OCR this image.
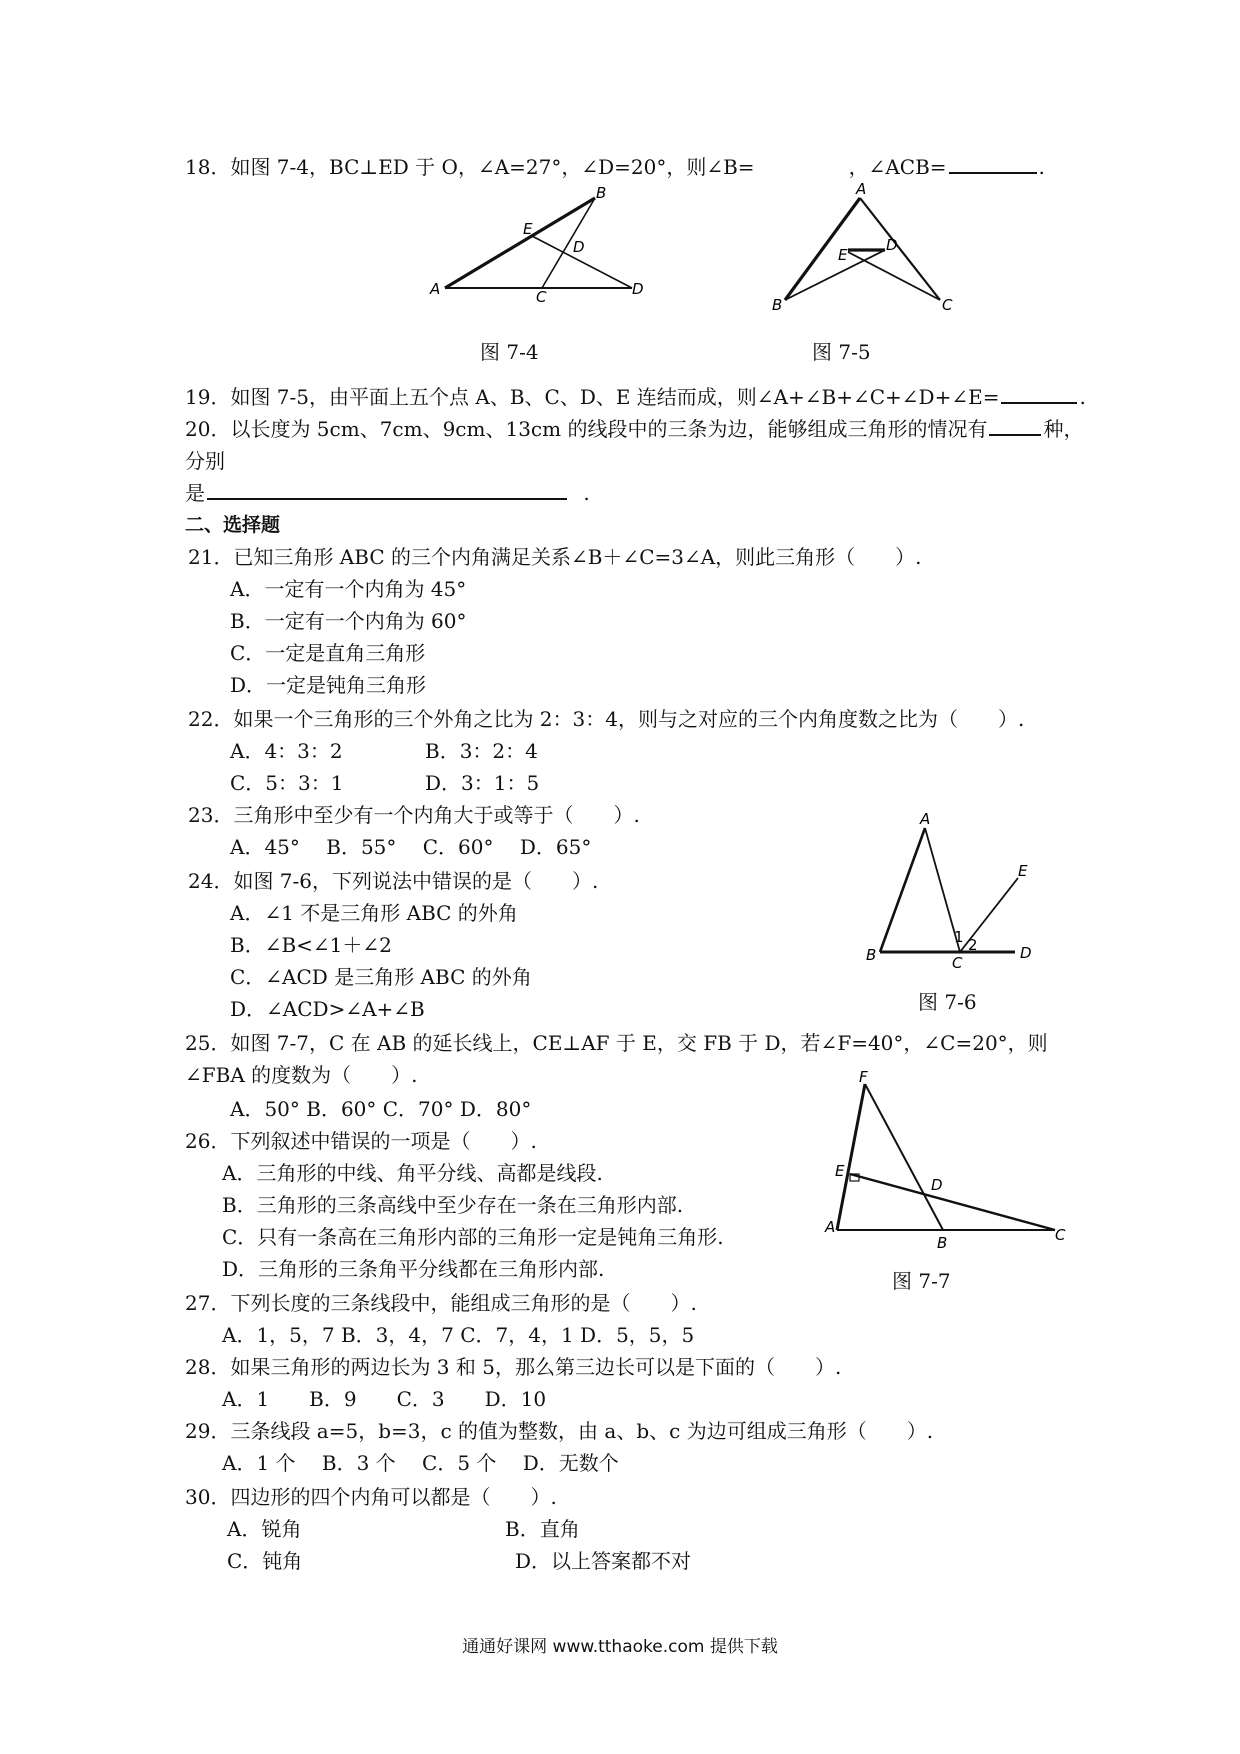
18．如图 7-4，BC⊥ED 于 O，∠A=27°，∠D=20°，则∠B=	，∠ACB=	.
A
B
C	D
E
D
图 7-4
A
B	C
D
E
图 7-5
19．如图 7-5，由平面上五个点 A、B、C、D、E 连结而成，则∠A+∠B+∠C+∠D+∠E=	.
20．以长度为 5cm、7cm、9cm、13cm 的线段中的三条为边，能够组成三角形的情况有	种，
分别
是	.
二、选择题
21．已知三角形 ABC 的三个内角满足关系∠B＋∠C=3∠A，则此三角形（　　）.
A．一定有一个内角为 45°
B．一定有一个内角为 60°
C．一定是直角三角形
D．一定是钝角三角形
22．如果一个三角形的三个外角之比为 2：3：4，则与之对应的三个内角度数之比为（　　）.
A．4：3：2	B．3：2：4
C．5：3：1	D．3：1：5
23．三角形中至少有一个内角大于或等于（　　）.
A．45°　 B．55°　 C．60°　 D．65°
A
B	C
D
E
1 2
图 7-6
24．如图 7-6，下列说法中错误的是（　　）.
A．∠1 不是三角形 ABC 的外角
B．∠B<∠1＋∠2
C．∠ACD 是三角形 ABC 的外角
D．∠ACD>∠A+∠B
25．如图 7-7，C 在 AB 的延长线上，CE⊥AF 于 E，交 FB 于 D，若∠F=40°，∠C=20°，则
∠FBA 的度数为（　　）.
A．50° B．60° C．70° D．80°
F
E
D
A
B	C
图 7-7
26．下列叙述中错误的一项是（　　）.
A．三角形的中线、角平分线、高都是线段.
B．三角形的三条高线中至少存在一条在三角形内部.
C．只有一条高在三角形内部的三角形一定是钝角三角形.
D．三角形的三条角平分线都在三角形内部.
27．下列长度的三条线段中，能组成三角形的是（　　）.
A．1，5，7 B．3，4，7 C．7，4，1 D．5，5，5
28．如果三角形的两边长为 3 和 5，那么第三边长可以是下面的（　　）.
A．1　　B．9　　C．3　　D．10
29．三条线段 a=5，b=3，c 的值为整数，由 a、b、c 为边可组成三角形（　　）.
A．1 个　 B．3 个　 C．5 个　 D．无数个
30．四边形的四个内角可以都是（　　）.
A．锐角	B．直角
C．钝角	D．以上答案都不对
通通好课网 www.tthaoke.com 提供下载
